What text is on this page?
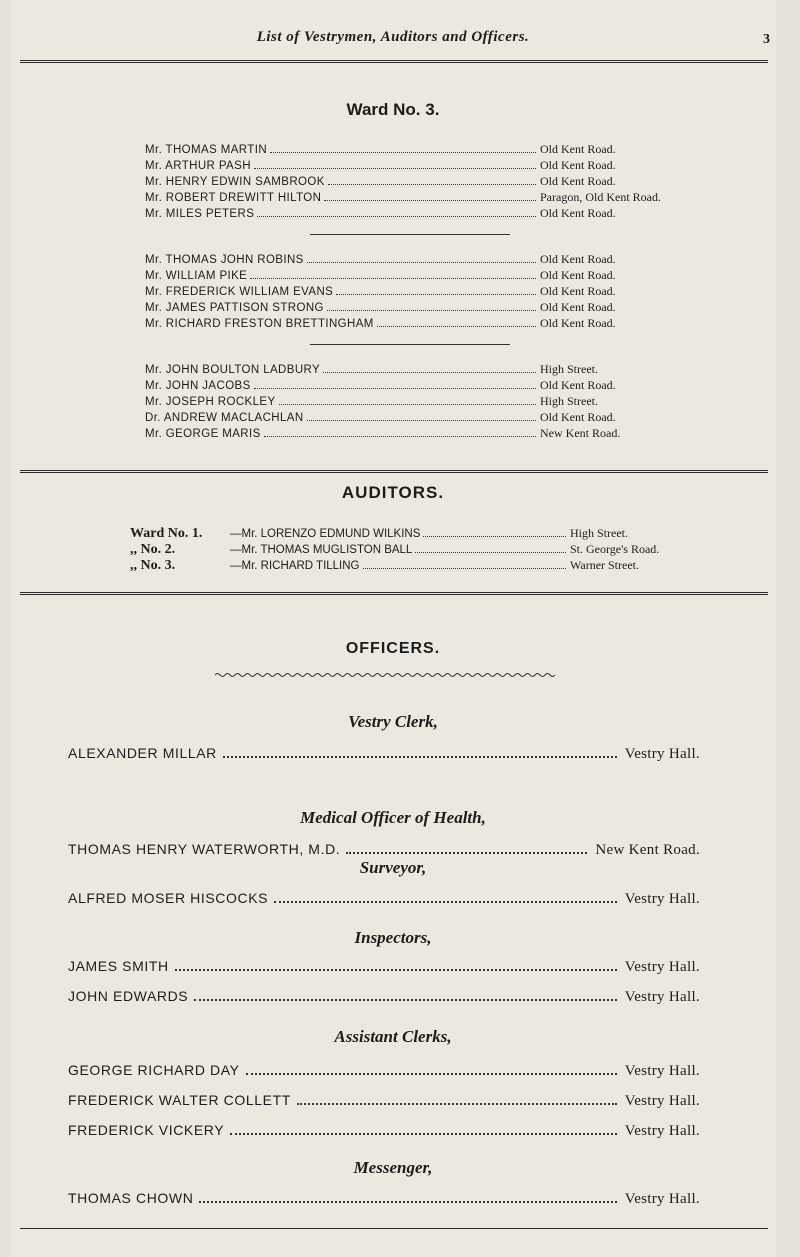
List of Vestrymen, Auditors and Officers.	3
Ward No. 3.
Mr. THOMAS MARTIN	Old Kent Road.
Mr. ARTHUR PASH	Old Kent Road.
Mr. HENRY EDWIN SAMBROOK	Old Kent Road.
Mr. ROBERT DREWITT HILTON	Paragon, Old Kent Road.
Mr. MILES PETERS	Old Kent Road.
Mr. THOMAS JOHN ROBINS	Old Kent Road.
Mr. WILLIAM PIKE	Old Kent Road.
Mr. FREDERICK WILLIAM EVANS	Old Kent Road.
Mr. JAMES PATTISON STRONG	Old Kent Road.
Mr. RICHARD FRESTON BRETTINGHAM	Old Kent Road.
Mr. JOHN BOULTON LADBURY	High Street.
Mr. JOHN JACOBS	Old Kent Road.
Mr. JOSEPH ROCKLEY	High Street.
Dr. ANDREW MACLACHLAN	Old Kent Road.
Mr. GEORGE MARIS	New Kent Road.
AUDITORS.
Ward No. 1.	—Mr. LORENZO EDMUND WILKINS	High Street.
,, No. 2.	—Mr. THOMAS MUGLISTON BALL	St. George's Road.
,, No. 3.	—Mr. RICHARD TILLING	Warner Street.
OFFICERS.
Vestry Clerk,
ALEXANDER MILLAR	Vestry Hall.
Medical Officer of Health,
THOMAS HENRY WATERWORTH, M.D.	New Kent Road.
Surveyor,
ALFRED MOSER HISCOCKS	Vestry Hall.
Inspectors,
JAMES SMITH	Vestry Hall.
JOHN EDWARDS	Vestry Hall.
Assistant Clerks,
GEORGE RICHARD DAY	Vestry Hall.
FREDERICK WALTER COLLETT	Vestry Hall.
FREDERICK VICKERY	Vestry Hall.
Messenger,
THOMAS CHOWN	Vestry Hall.
